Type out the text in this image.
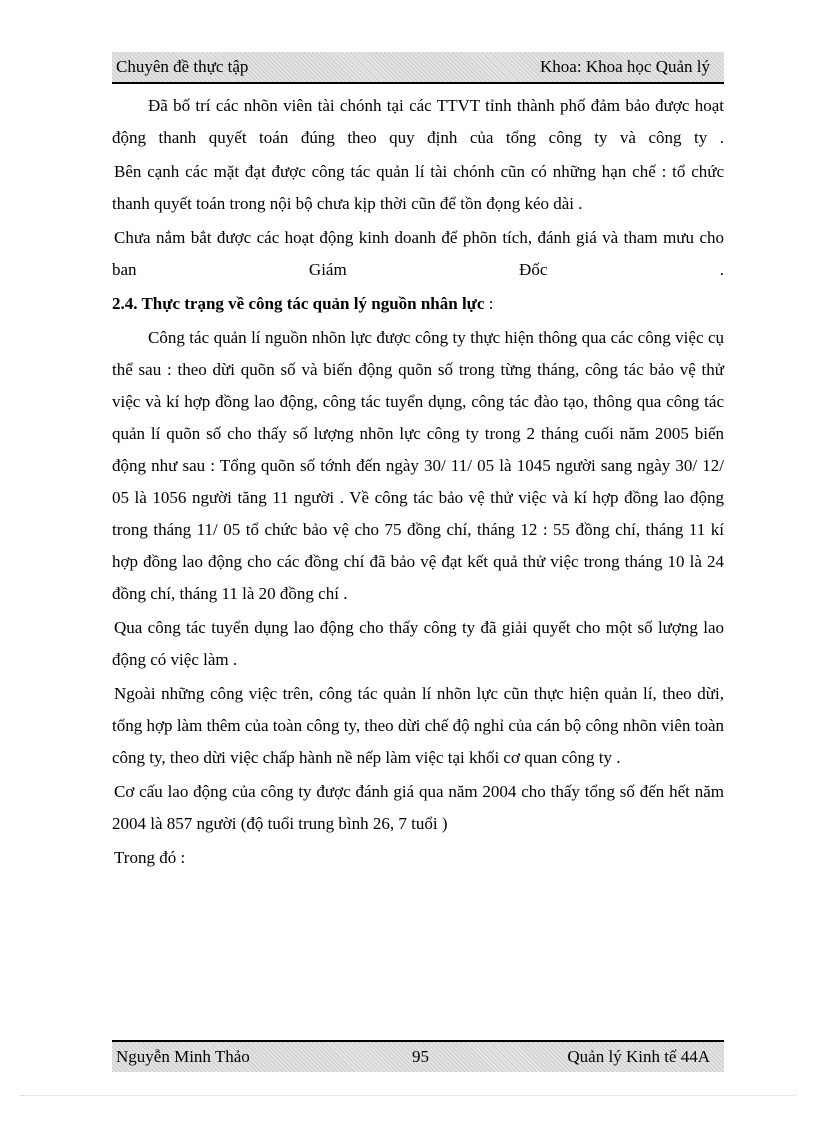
Chuyên đề thực tập	Khoa: Khoa học Quản lý

Đã bố trí các nhõn viên tài chónh tại các TTVT tỉnh thành phố đảm bảo được hoạt động thanh quyết toán đúng theo quy định của tổng công ty và công ty .

Bên cạnh các mặt đạt được công tác quản lí tài chónh cũn có những hạn chế : tổ chức thanh quyết toán trong nội bộ chưa kịp thời cũn để tồn đọng kéo dài .

Chưa nắm bắt được các hoạt động kinh doanh để phõn tích, đánh giá và tham mưu cho ban Giám Đốc .

2.4. Thực trạng về công tác quản lý nguồn nhân lực :

Công tác quản lí nguồn nhõn lực được công ty thực hiện thông qua các công việc cụ thể sau : theo dừi quõn số và biến động quõn số trong từng tháng, công tác bảo vệ thử việc và kí hợp đồng lao động, công tác tuyển dụng, công tác đào tạo, thông qua công tác quản lí quõn số cho thấy số lượng nhõn lực công ty trong 2 tháng cuối năm 2005 biến động như sau : Tổng quõn số tớnh đến ngày 30/ 11/ 05 là 1045 người sang ngày 30/ 12/ 05 là 1056 người tăng 11 người . Về công tác bảo vệ thử việc và kí hợp đồng lao động trong tháng 11/ 05 tổ chức bảo vệ cho 75 đồng chí, tháng 12 : 55 đồng chí, tháng 11 kí hợp đồng lao động cho các đồng chí đã bảo vệ đạt kết quả thử việc trong tháng 10 là 24 đồng chí, tháng 11 là 20 đồng chí .

Qua công tác tuyển dụng lao động cho thấy công ty đã giải quyết cho một số lượng lao động có việc làm .

Ngoài những công việc trên, công tác quản lí nhõn lực cũn thực hiện quản lí, theo dừi, tổng hợp làm thêm của toàn công ty, theo dừi chế độ nghỉ của cán bộ công nhõn viên toàn công ty, theo dừi việc chấp hành nề nếp làm việc tại khối cơ quan công ty .

Cơ cấu lao động của công ty được đánh giá qua năm 2004 cho thấy tổng số đến hết năm 2004 là 857 người (độ tuổi trung bình 26, 7 tuổi )

Trong đó :

Nguyễn Minh Thảo	95	Quản lý Kinh tế 44A
